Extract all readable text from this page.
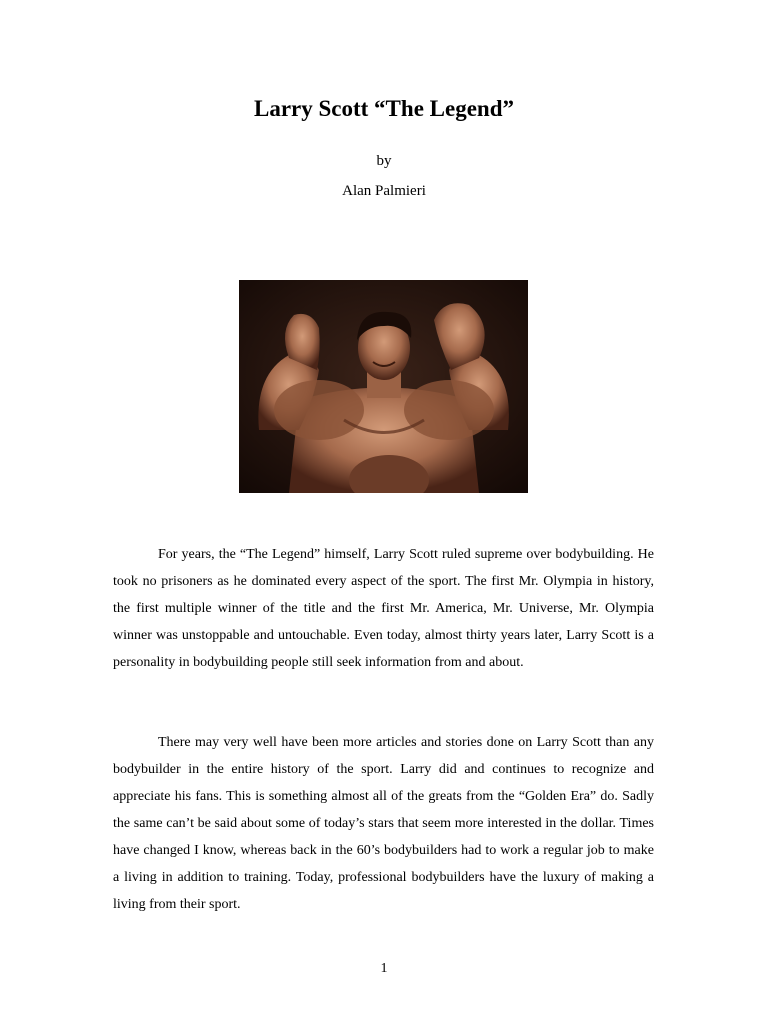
Larry Scott “The Legend”
by
Alan Palmieri

For years, the “The Legend” himself, Larry Scott ruled supreme over bodybuilding. He took no prisoners as he dominated every aspect of the sport. The first Mr. Olympia in history, the first multiple winner of the title and the first Mr. America, Mr. Universe, Mr. Olympia winner was unstoppable and untouchable. Even today, almost thirty years later, Larry Scott is a personality in bodybuilding people still seek information from and about.

There may very well have been more articles and stories done on Larry Scott than any bodybuilder in the entire history of the sport. Larry did and continues to recognize and appreciate his fans. This is something almost all of the greats from the “Golden Era” do. Sadly the same can’t be said about some of today’s stars that seem more interested in the dollar. Times have changed I know, whereas back in the 60’s bodybuilders had to work a regular job to make a living in addition to training. Today, professional bodybuilders have the luxury of making a living from their sport.

1
